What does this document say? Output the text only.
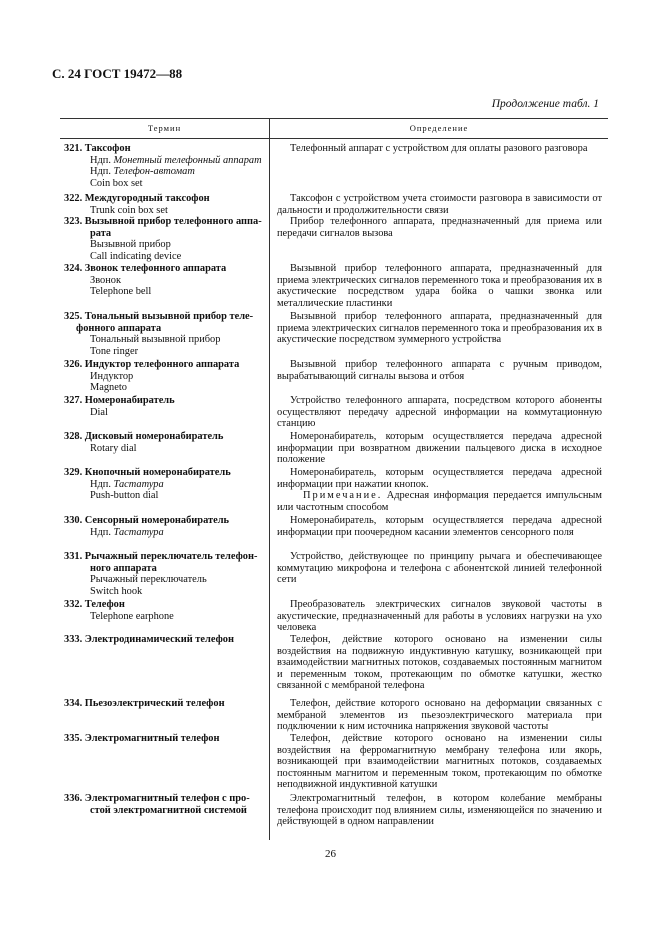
С. 24 ГОСТ 19472—88
Продолжение табл. 1
Термин	Определение
321. Таксофон
Ндп. Монетный телефонный аппарат
Ндп. Телефон-автомат
Coin box set

Телефонный аппарат с устройством для оплаты разового разговора

322. Междугородный таксофон
Trunk coin box set

Таксофон с устройством учета стоимости разговора в зависимости от дальности и продолжительности связи

323. Вызывной прибор телефонного аппа-
рата
Вызывной прибор
Call indicating device

Прибор телефонного аппарата, предназначенный для приема или передачи сигналов вызова

324. Звонок телефонного аппарата
Звонок
Telephone bell

Вызывной прибор телефонного аппарата, предназначенный для приема электрических сигналов переменного тока и преобразования их в акустические посредством удара бойка о чашки звонка или металлические пластинки

325. Тональный вызывной прибор теле-
фонного аппарата
Тональный вызывной прибор
Tone ringer

Вызывной прибор телефонного аппарата, предназначенный для приема электрических сигналов переменного тока и преобразования их в акустические посредством зуммерного устройства

326. Индуктор телефонного аппарата
Индуктор
Magneto

Вызывной прибор телефонного аппарата с ручным приводом, вырабатывающий сигналы вызова и отбоя

327. Номеронабиратель
Dial

Устройство телефонного аппарата, посредством которого абоненты осуществляют передачу адресной информации на коммутационную станцию

328. Дисковый номеронабиратель
Rotary dial

Номеронабиратель, которым осуществляется передача адресной информации при возвратном движении пальцевого диска в исходное положение

329. Кнопочный номеронабиратель
Ндп. Тастатура
Push-button dial

Номеронабиратель, которым осуществляется передача адресной информации при нажатии кнопок.

Примечание. Адресная информация передается импульсным или частотным способом

330. Сенсорный номеронабиратель
Ндп. Тастатура

Номеронабиратель, которым осуществляется передача адресной информации при поочередном касании элементов сенсорного поля

331. Рычажный переключатель телефон-
ного аппарата
Рычажный переключатель
Switch hook

Устройство, действующее по принципу рычага и обеспечивающее коммутацию микрофона и телефона с абонентской линией телефонной сети

332. Телефон
Telephone earphone

Преобразователь электрических сигналов звуковой частоты в акустические, предназначенный для работы в условиях нагрузки на ухо человека

333. Электродинамический телефон	Телефон, действие которого основано на изменении силы воздействия на подвижную индуктивную катушку, возникающей при взаимодействии магнитных потоков, создаваемых постоянным магнитом и переменным током, протекающим по обмотке катушки, жестко связанной с мембраной телефона

334. Пьезоэлектрический телефон	Телефон, действие которого основано на деформации связанных с мембраной элементов из пьезоэлектрического материала при подключении к ним источника напряжения звуковой частоты

335. Электромагнитный телефон	Телефон, действие которого основано на изменении силы воздействия на ферромагнитную мембрану телефона или якорь, возникающей при взаимодействии магнитных потоков, создаваемых постоянным магнитом и переменным током, протекающим по обмотке неподвижной индуктивной катушки

336. Электромагнитный телефон с про-
стой электромагнитной системой

Электромагнитный телефон, в котором колебание мембраны телефона происходит под влиянием силы, изменяющейся по значению и действующей в одном направлении

26
